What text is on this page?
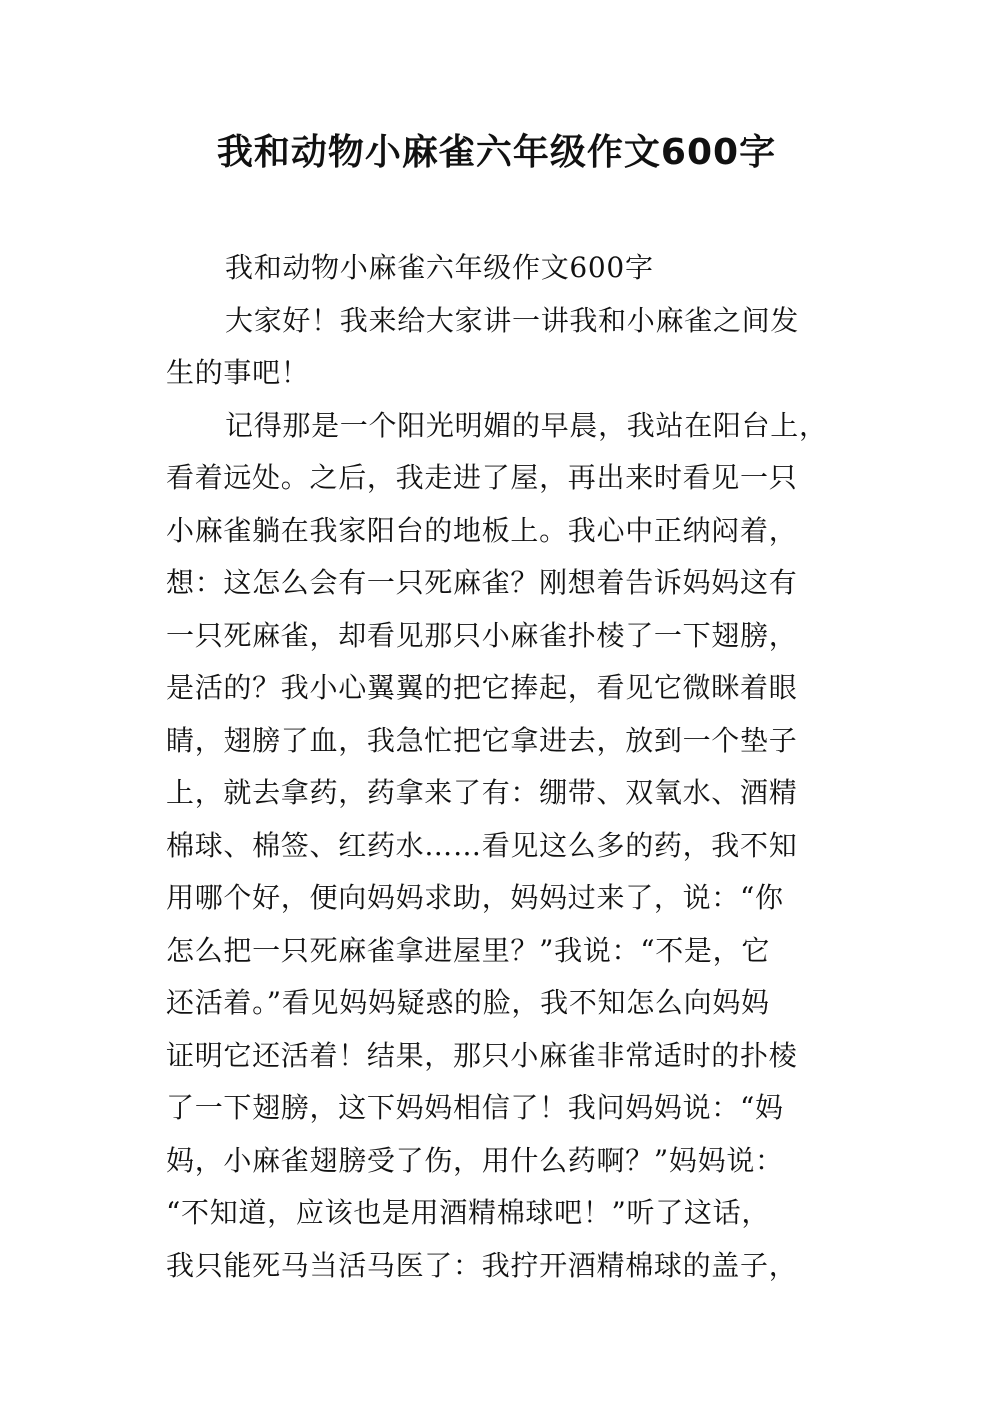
我和动物小麻雀六年级作文600字
我和动物小麻雀六年级作文600字
大家好！我来给大家讲一讲我和小麻雀之间发
生的事吧！
记得那是一个阳光明媚的早晨，我站在阳台上，
看着远处。之后，我走进了屋，再出来时看见一只
小麻雀躺在我家阳台的地板上。我心中正纳闷着，
想：这怎么会有一只死麻雀？刚想着告诉妈妈这有
一只死麻雀，却看见那只小麻雀扑棱了一下翅膀，
是活的？我小心翼翼的把它捧起，看见它微眯着眼
睛，翅膀了血，我急忙把它拿进去，放到一个垫子
上，就去拿药，药拿来了有：绷带、双氧水、酒精
棉球、棉签、红药水……看见这么多的药，我不知
用哪个好，便向妈妈求助，妈妈过来了，说：“你
怎么把一只死麻雀拿进屋里？”我说：“不是，它
还活着。”看见妈妈疑惑的脸，我不知怎么向妈妈
证明它还活着！结果，那只小麻雀非常适时的扑棱
了一下翅膀，这下妈妈相信了！我问妈妈说：“妈
妈，小麻雀翅膀受了伤，用什么药啊？”妈妈说：
“不知道，应该也是用酒精棉球吧！”听了这话，
我只能死马当活马医了：我拧开酒精棉球的盖子，
